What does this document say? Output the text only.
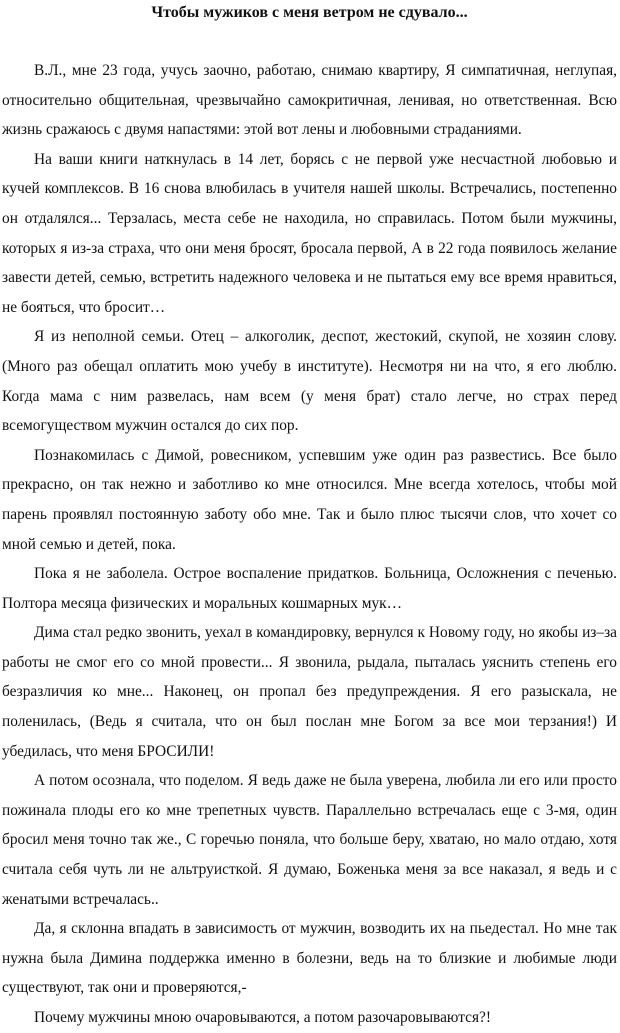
Чтобы мужиков с меня ветром не сдувало...

В.Л., мне 23 года, учусь заочно, работаю, снимаю квартиру, Я симпатичная, неглупая, относительно общительная, чрезвычайно самокритичная, ленивая, но ответственная. Всю жизнь сражаюсь с двумя напастями: этой вот лены и любовными страданиями.

На ваши книги наткнулась в 14 лет, борясь с не первой уже несчастной любовью и кучей комплексов. В 16 снова влюбилась в учителя нашей школы. Встречались, постепенно он отдалялся... Терзалась, места себе не находила, но справилась. Потом были мужчины, которых я из-за страха, что они меня бросят, бросала первой, А в 22 года появилось желание завести детей, семью, встретить надежного человека и не пытаться ему все время нравиться, не бояться, что бросит…

Я из неполной семьи. Отец – алкоголик, деспот, жестокий, скупой, не хозяин слову. (Много раз обещал оплатить мою учебу в институте). Несмотря ни на что, я его люблю. Когда мама с ним развелась, нам всем (у меня брат) стало легче, но страх перед всемогуществом мужчин остался до сих пор.

Познакомилась с Димой, ровесником, успевшим уже один раз развестись. Все было прекрасно, он так нежно и заботливо ко мне относился. Мне всегда хотелось, чтобы мой парень проявлял постоянную заботу обо мне. Так и было плюс тысячи слов, что хочет со мной семью и детей, пока.

Пока я не заболела. Острое воспаление придатков. Больница, Осложнения с печенью. Полтора месяца физических и моральных кошмарных мук…

Дима стал редко звонить, уехал в командировку, вернулся к Новому году, но якобы из–за работы не смог его со мной провести... Я звонила, рыдала, пыталась уяснить степень его безразличия ко мне... Наконец, он пропал без предупреждения. Я его разыскала, не поленилась, (Ведь я считала, что он был послан мне Богом за все мои терзания!) И убедилась, что меня БРОСИЛИ!

А потом осознала, что поделом. Я ведь даже не была уверена, любила ли его или просто пожинала плоды его ко мне трепетных чувств. Параллельно встречалась еще с 3-мя, один бросил меня точно так же., С горечью поняла, что больше беру, хватаю, но мало отдаю, хотя считала себя чуть ли не альтруисткой. Я думаю, Боженька меня за все наказал, я ведь и с женатыми встречалась..

Да, я склонна впадать в зависимость от мужчин, возводить их на пьедестал. Но мне так нужна была Димина поддержка именно в болезни, ведь на то близкие и любимые люди существуют, так они и проверяются,-

Почему мужчины мною очаровываются, а потом разочаровываются?!
